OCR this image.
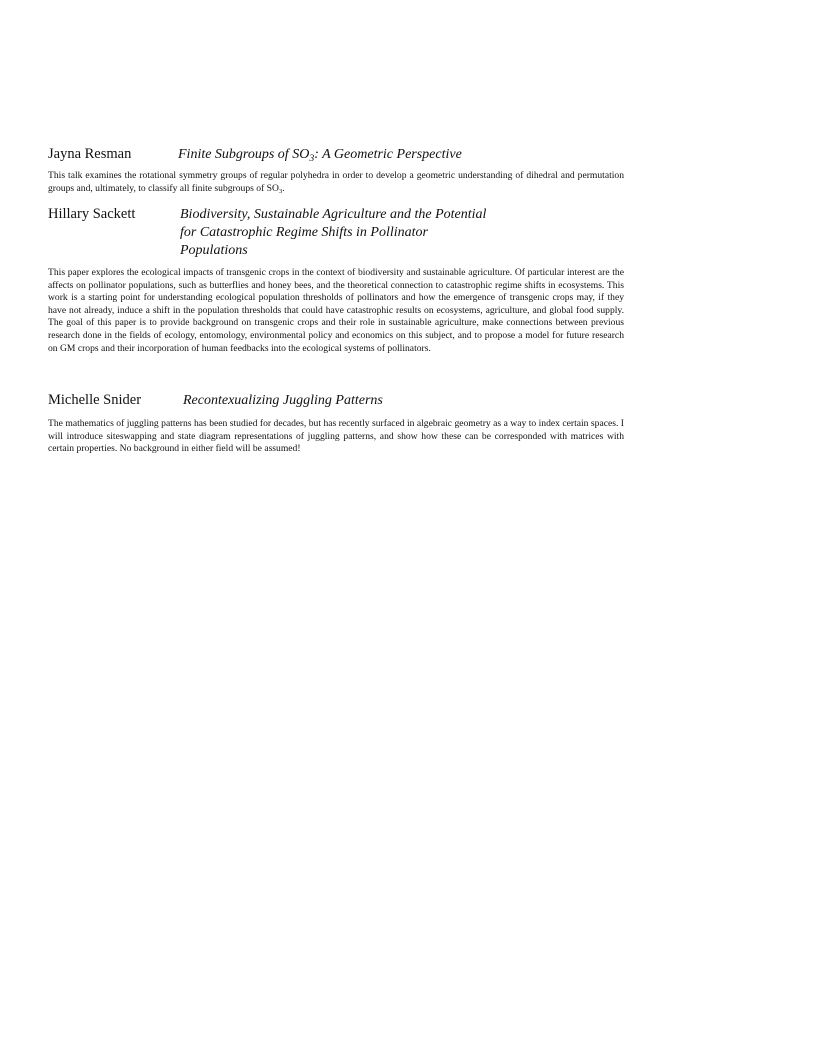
Jayna Resman	Finite Subgroups of $SO_3$: A Geometric Perspective
This talk examines the rotational symmetry groups of regular polyhedra in order to develop a geometric understanding of dihedral and permutation groups and, ultimately, to classify all finite subgroups of $SO_3$.
Hillary Sackett	Biodiversity, Sustainable Agriculture and the Potential
for Catastrophic Regime Shifts in Pollinator
Populations
This paper explores the ecological impacts of transgenic crops in the context of biodiversity and sustainable agriculture. Of particular interest are the affects on pollinator populations, such as butterflies and honey bees, and the theoretical connection to catastrophic regime shifts in ecosystems. This work is a starting point for understanding ecological population thresholds of pollinators and how the emergence of transgenic crops may, if they have not already, induce a shift in the population thresholds that could have catastrophic results on ecosystems, agriculture, and global food supply. The goal of this paper is to provide background on transgenic crops and their role in sustainable agriculture, make connections between previous research done in the fields of ecology, entomology, environmental policy and economics on this subject, and to propose a model for future research on GM crops and their incorporation of human feedbacks into the ecological systems of pollinators.
Michelle Snider	Recontexualizing Juggling Patterns
The mathematics of juggling patterns has been studied for decades, but has recently surfaced in algebraic geometry as a way to index certain spaces. I will introduce siteswapping and state diagram representations of juggling patterns, and show how these can be corresponded with matrices with certain properties. No background in either field will be assumed!
